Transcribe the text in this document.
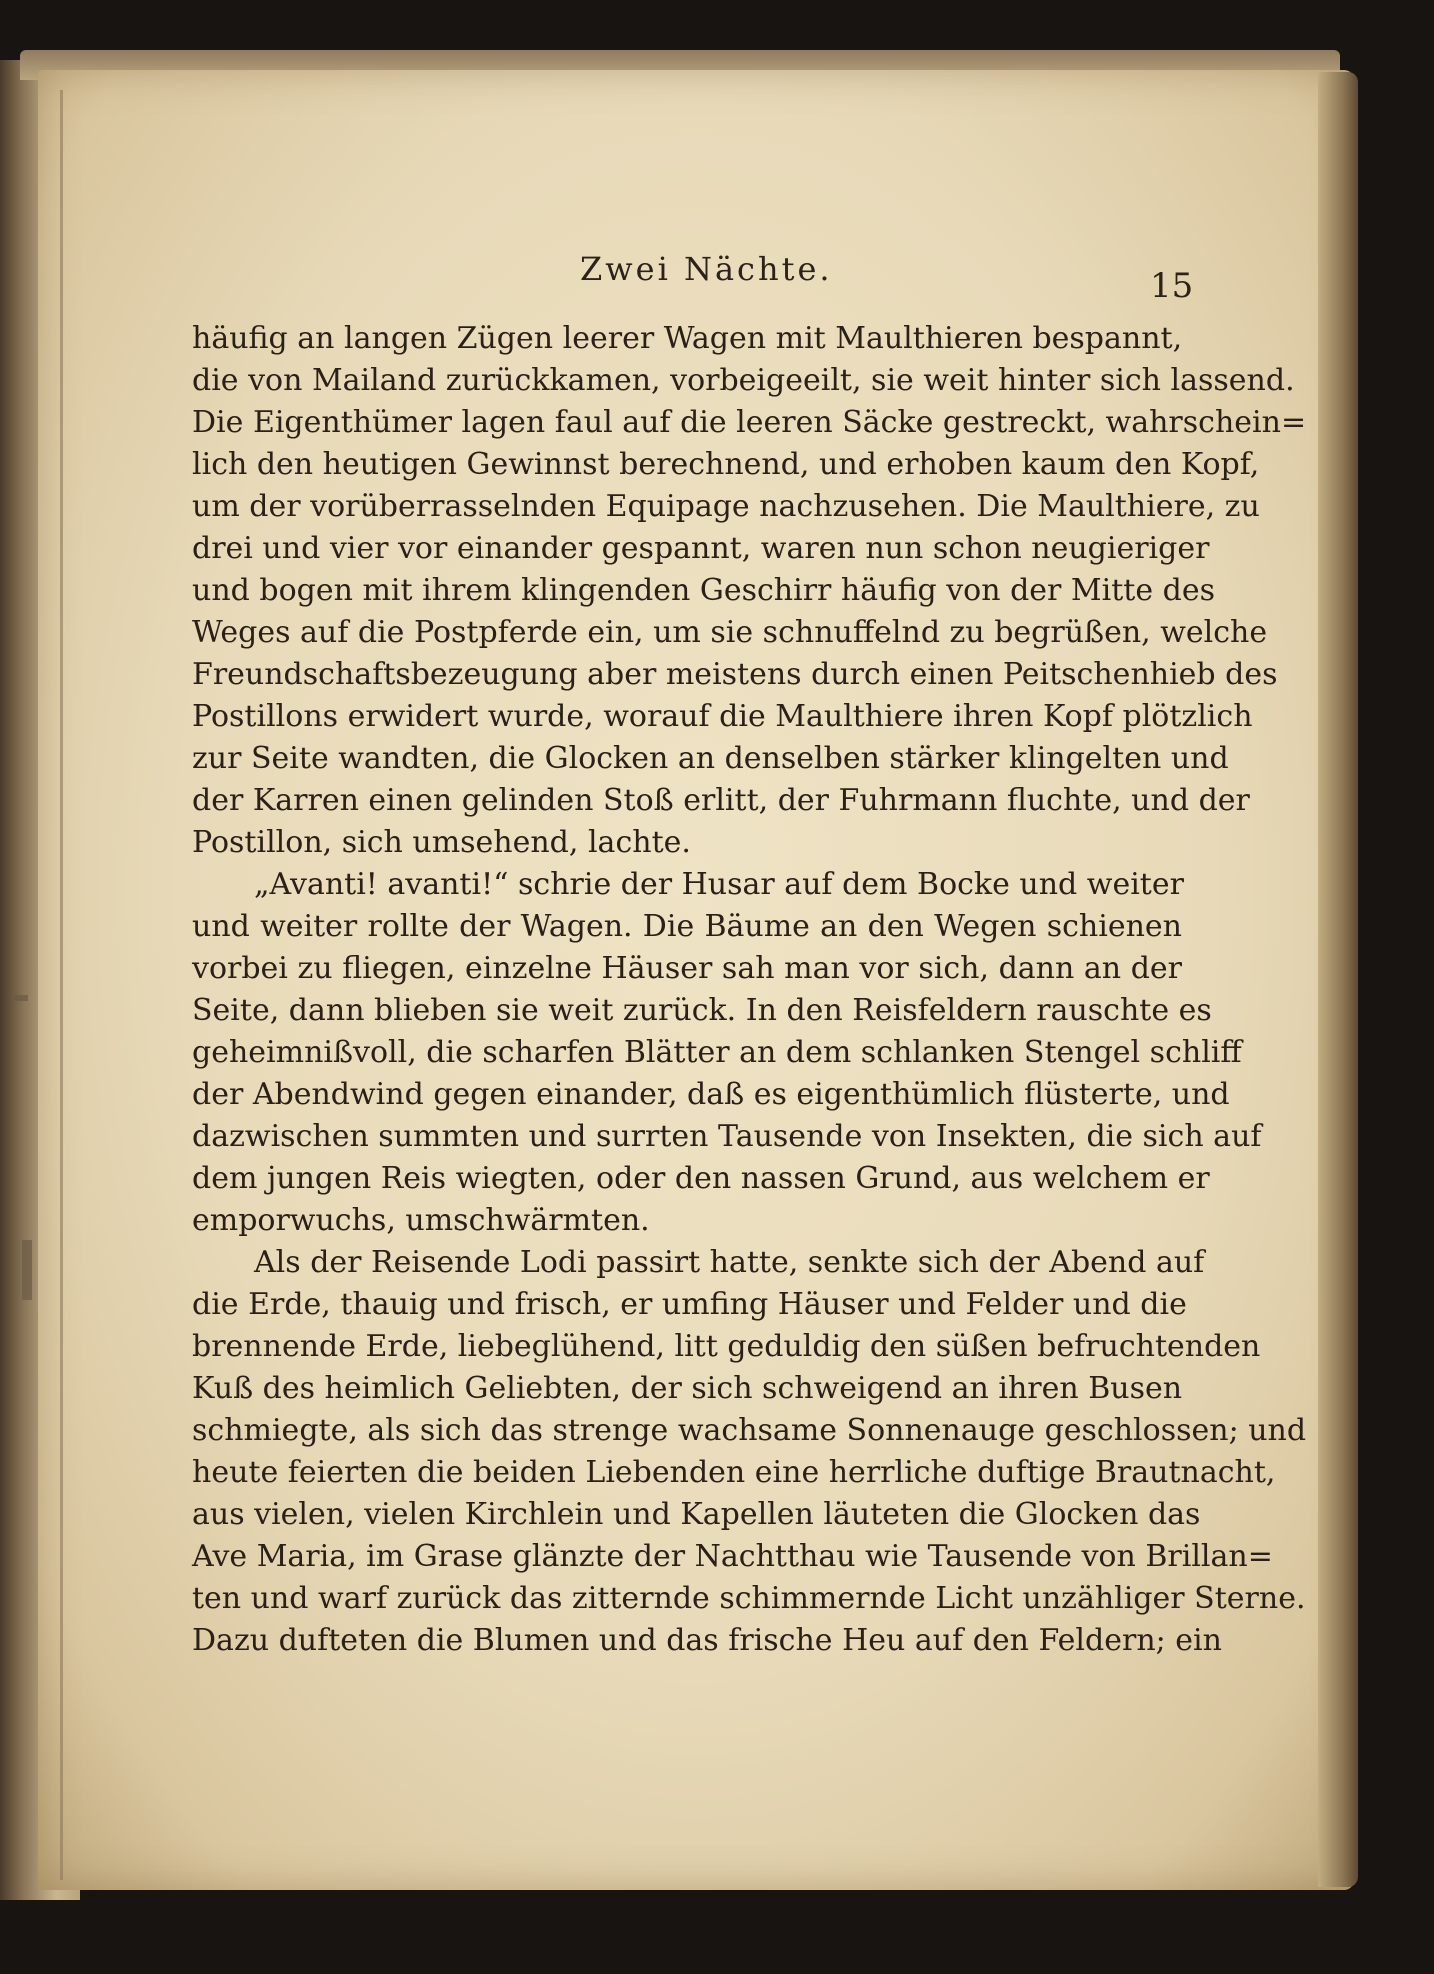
Zwei Nächte.	15
häufig an langen Zügen leerer Wagen mit Maulthieren bespannt,
die von Mailand zurückkamen, vorbeigeeilt, sie weit hinter sich lassend.
Die Eigenthümer lagen faul auf die leeren Säcke gestreckt, wahrschein=
lich den heutigen Gewinnst berechnend, und erhoben kaum den Kopf,
um der vorüberrasselnden Equipage nachzusehen. Die Maulthiere, zu
drei und vier vor einander gespannt, waren nun schon neugieriger
und bogen mit ihrem klingenden Geschirr häufig von der Mitte des
Weges auf die Postpferde ein, um sie schnuffelnd zu begrüßen, welche
Freundschaftsbezeugung aber meistens durch einen Peitschenhieb des
Postillons erwidert wurde, worauf die Maulthiere ihren Kopf plötzlich
zur Seite wandten, die Glocken an denselben stärker klingelten und
der Karren einen gelinden Stoß erlitt, der Fuhrmann fluchte, und der
Postillon, sich umsehend, lachte.
„Avanti! avanti!“ schrie der Husar auf dem Bocke und weiter
und weiter rollte der Wagen. Die Bäume an den Wegen schienen
vorbei zu fliegen, einzelne Häuser sah man vor sich, dann an der
Seite, dann blieben sie weit zurück. In den Reisfeldern rauschte es
geheimnißvoll, die scharfen Blätter an dem schlanken Stengel schliff
der Abendwind gegen einander, daß es eigenthümlich flüsterte, und
dazwischen summten und surrten Tausende von Insekten, die sich auf
dem jungen Reis wiegten, oder den nassen Grund, aus welchem er
emporwuchs, umschwärmten.
Als der Reisende Lodi passirt hatte, senkte sich der Abend auf
die Erde, thauig und frisch, er umfing Häuser und Felder und die
brennende Erde, liebeglühend, litt geduldig den süßen befruchtenden
Kuß des heimlich Geliebten, der sich schweigend an ihren Busen
schmiegte, als sich das strenge wachsame Sonnenauge geschlossen; und
heute feierten die beiden Liebenden eine herrliche duftige Brautnacht,
aus vielen, vielen Kirchlein und Kapellen läuteten die Glocken das
Ave Maria, im Grase glänzte der Nachtthau wie Tausende von Brillan=
ten und warf zurück das zitternde schimmernde Licht unzähliger Sterne.
Dazu dufteten die Blumen und das frische Heu auf den Feldern; ein
